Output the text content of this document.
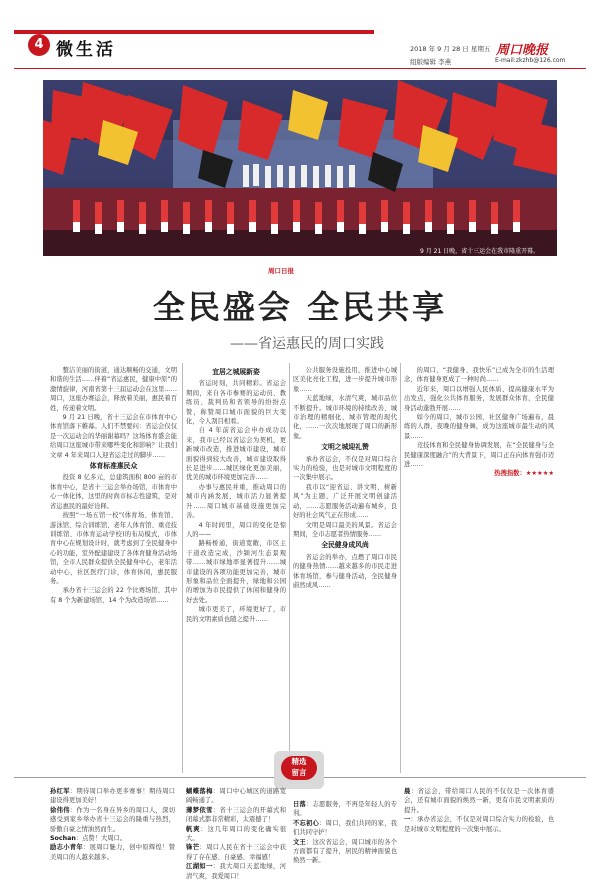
4 微生活	2018 年 9 月 28 日 星期五 周口晚报
组版编辑 李燕	E-mail:zkzhb@126.com
9 月 21 日晚，省十三运会在我市隆重开幕。
周口日报
全民盛会 全民共享
——省运惠民的周口实践

整洁美丽的街道，通达顺畅的交通，文明和谐的生活……伴着“省运惠民，健康中原”的激情旋律，河南省第十三届运动会在这里……周口，这座办赛运会，释放着美丽，惠民着百姓，传递着文明。

9 月 21 日晚，省十三运会在市体育中心体育馆落下帷幕。人们不禁要问：省运会仅仅是一次运动会的华丽谢幕吗？这场体育盛会能给周口这座城市带来哪些变化和影响？让我们文章 4 年来周口人迎省运走过的脚步……

体育标准惠民众

投资 8 亿多元，总建筑面积 800 亩的市体育中心，是省十三运会举办场馆，市体育中心一体化体，这里的时尚市标志性建筑，是对省运惠民的最好诠释。

按照“一场五馆一校”(体育场、体育馆、游泳馆、综合训练馆、老年人体育馆、重竞技训练馆、市体育运动学校)的布局模式，市体育中心在规划设计时，就考虑到了全民健身中心的功能，室外配建建设了各体育健身活动场馆，全市人民群众提供全民健身中心，老年活动中心，社区医疗门诊，体育休闲，惠民服务。

承办省十三运会的 22 个比赛场馆，其中有 8 个为新建场馆，14 个为改造场馆……

宜居之城展新姿

省运时刻，共同精彩。省运会期间，来自各市参赛的运动员、教练员、裁判员和省领导的纷纷点赞，称赞周口城市面貌的巨大变化，令人刮目相看。

自 4 年前省运会申办成功以来，我市已经以省运会为契机，更新城市改造，推进城市建设，城市面貌得到较大改善，城市建设取得长足进步……城区绿化更加美丽，优美的城市环境更加完善……

办事与惠民并重，推动周口的城市内涵发展，城市活力显著提升……周口城市基础设施更加完善。

4 年时间里，周口的变化是惊人的——

路畅桥通，街道宽敞，市区主干道改造完成，沙颍河生态景观带……城市绿地率显著提升……城市建设的各项功能更加完善，城市形象和品位全面提升，绿地和公园的增加为市民提供了休闲和健身的好去处。

城市更美了，环境更好了，市民的文明素质也随之提升……

公共服务设施投用，推进中心城区美化亮化工程，进一步提升城市形象……

天蓝地绿，水清气爽，城市品位不断提升。城市环境的持续改善、城市治理的精细化、城市管理的现代化，……一次次地展现了周口的新形象。

文明之城迎礼赞

承办省运会，不仅是对周口综合实力的检验，也是对城市文明程度的一次集中展示。

我市以“迎省运、讲文明、树新风”为主题，广泛开展文明创建活动，……志愿服务活动遍布城乡，良好的社会风气正在形成……

文明是周口最美的风景。省运会期间，全市志愿者热情服务……

全民健身成风尚

省运会的举办，点燃了周口市民的健身热情……越来越多的市民走进体育场馆，参与健身活动，全民健身蔚然成风……

的周口，“我健身、我快乐”已成为全市的生活理念，体育健身更成了一种时尚……

近年来，周口以增强人民体质、提高健康水平为出发点，强化公共体育服务，发展群众体育，全民健身活动蓬勃开展……

如今的周口，城市公园、社区健身广场遍布，晨练的人群，夜晚的健身舞，成为这座城市最生动的风景……

竞技体育和全民健身协调发展，在“全民健身与全民健康深度融合”的大背景下，周口正在向体育强市迈进……

热搜指数：★★★★★

精选
留言
孙红军：期待周口举办更多赛事！期待周口建设得更加美好！
徐伟伟：作为一名身在异乡的周口人，深切感受到家乡举办省十三运会的隆重与热烈，骄傲自豪之情油然而生。
Sochan：点赞！大周口。
励志小青年：展周口魅力，创中原辉煌！赞美周口的人越来越多。
蝴蝶落梅：周口中心城区的道路宽阔畅通了。
薄梦依雪：省十三运会的开幕式和闭幕式都非常精彩，太震撼了！
帆爽：这几年周口的变化确实很大。
锋芒：周口人民在省十三运会中获得了存在感、自豪感、幸福感！
江湖如一：我大周口天蓝地绿，河清气爽，我爱周口！
日落：志愿服务，不再是年轻人的专利。
不忘初心：周口，我们共同的家，我们共同守护！
文王：这次省运会，周口城市的各个方面都有了提升，居民的精神面貌也焕然一新。
晨：省运会，带给周口人民的不仅仅是一次体育盛会，还有城市面貌的焕然一新，更有市民文明素质的提升。
一：承办省运会，不仅是对周口综合实力的检验，也是对城市文明程度的一次集中展示。
